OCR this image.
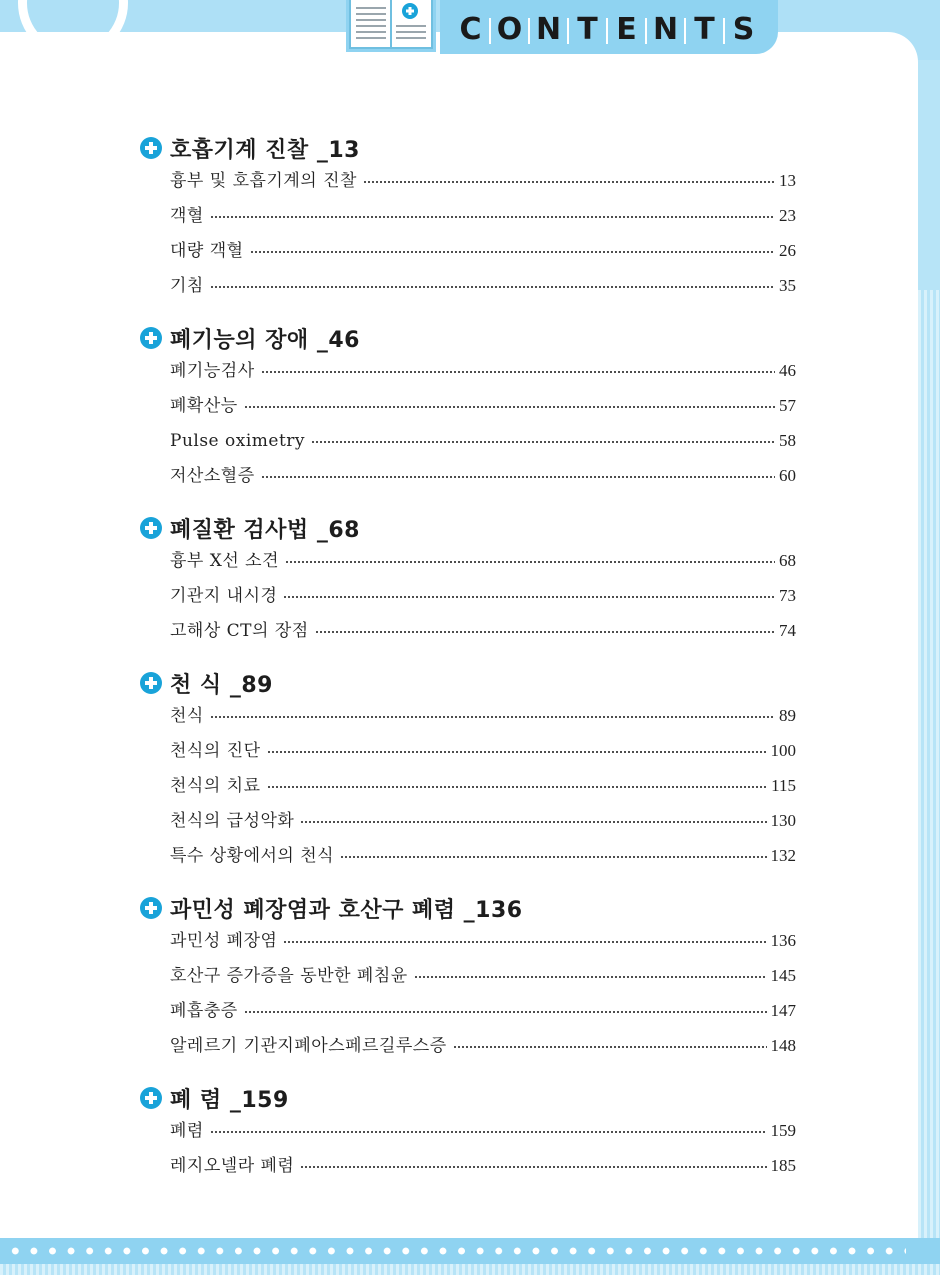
C O N T E N T S
호흡기계 진찰 _13
흉부 및 호흡기계의 진찰	13
객혈	23
대량 객혈	26
기침	35
폐기능의 장애 _46
폐기능검사	46
폐확산능	57
Pulse oximetry	58
저산소혈증	60
폐질환 검사법 _68
흉부 X선 소견	68
기관지 내시경	73
고해상 CT의 장점	74
천 식 _89
천식	89
천식의 진단	100
천식의 치료	115
천식의 급성악화	130
특수 상황에서의 천식	132
과민성 폐장염과 호산구 폐렴 _136
과민성 폐장염	136
호산구 증가증을 동반한 폐침윤	145
폐흡충증	147
알레르기 기관지폐아스페르길루스증	148
폐 렴 _159
폐렴	159
레지오넬라 폐렴	185
